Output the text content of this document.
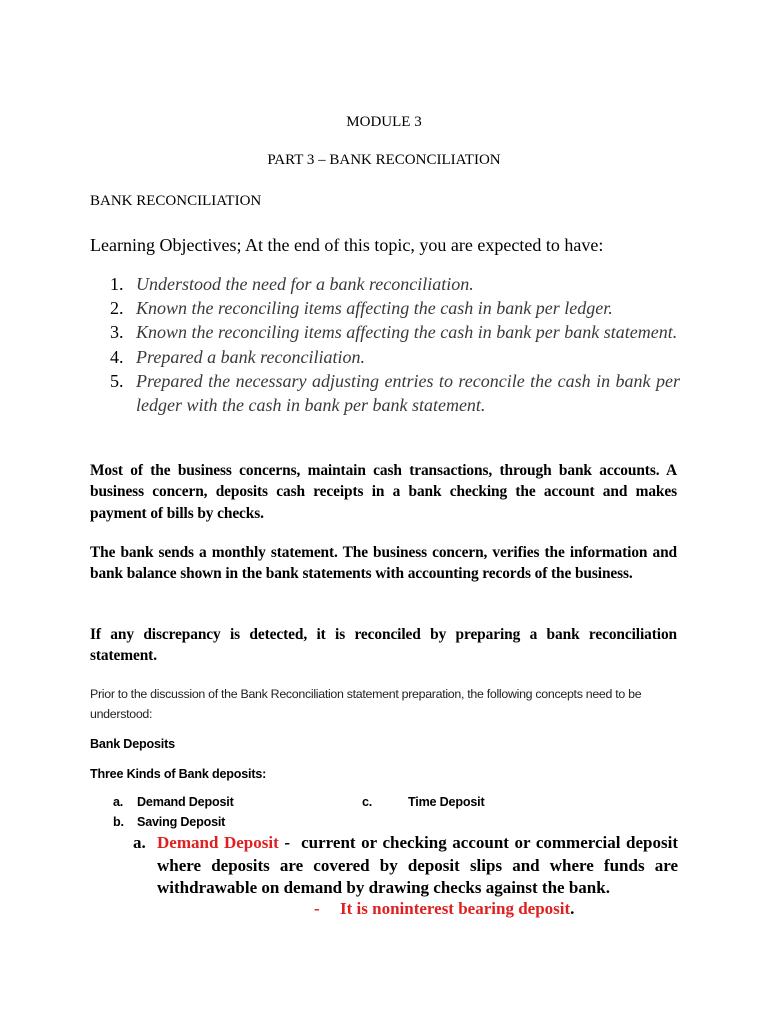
MODULE 3

PART 3 – BANK RECONCILIATION

BANK RECONCILIATION

Learning Objectives; At the end of this topic, you are expected to have:

1. Understood the need for a bank reconciliation.
2. Known the reconciling items affecting the cash in bank per ledger.
3. Known the reconciling items affecting the cash in bank per bank statement.
4. Prepared a bank reconciliation.
5. Prepared the necessary adjusting entries to reconcile the cash in bank per ledger with the cash in bank per bank statement.

Most of the business concerns, maintain cash transactions, through bank accounts. A business concern, deposits cash receipts in a bank checking the account and makes payment of bills by checks.

The bank sends a monthly statement. The business concern, verifies the information and bank balance shown in the bank statements with accounting records of the business.

If any discrepancy is detected, it is reconciled by preparing a bank reconciliation statement.

Prior to the discussion of the Bank Reconciliation statement preparation, the following concepts need to be understood:

Bank Deposits

Three Kinds of Bank deposits:

a. Demand Deposit
b. Saving Deposit
c.	Time Deposit
a. Demand Deposit -  current or checking account or commercial deposit where deposits are covered by deposit slips and where funds are withdrawable on demand by drawing checks against the bank.
- It is noninterest bearing deposit.
